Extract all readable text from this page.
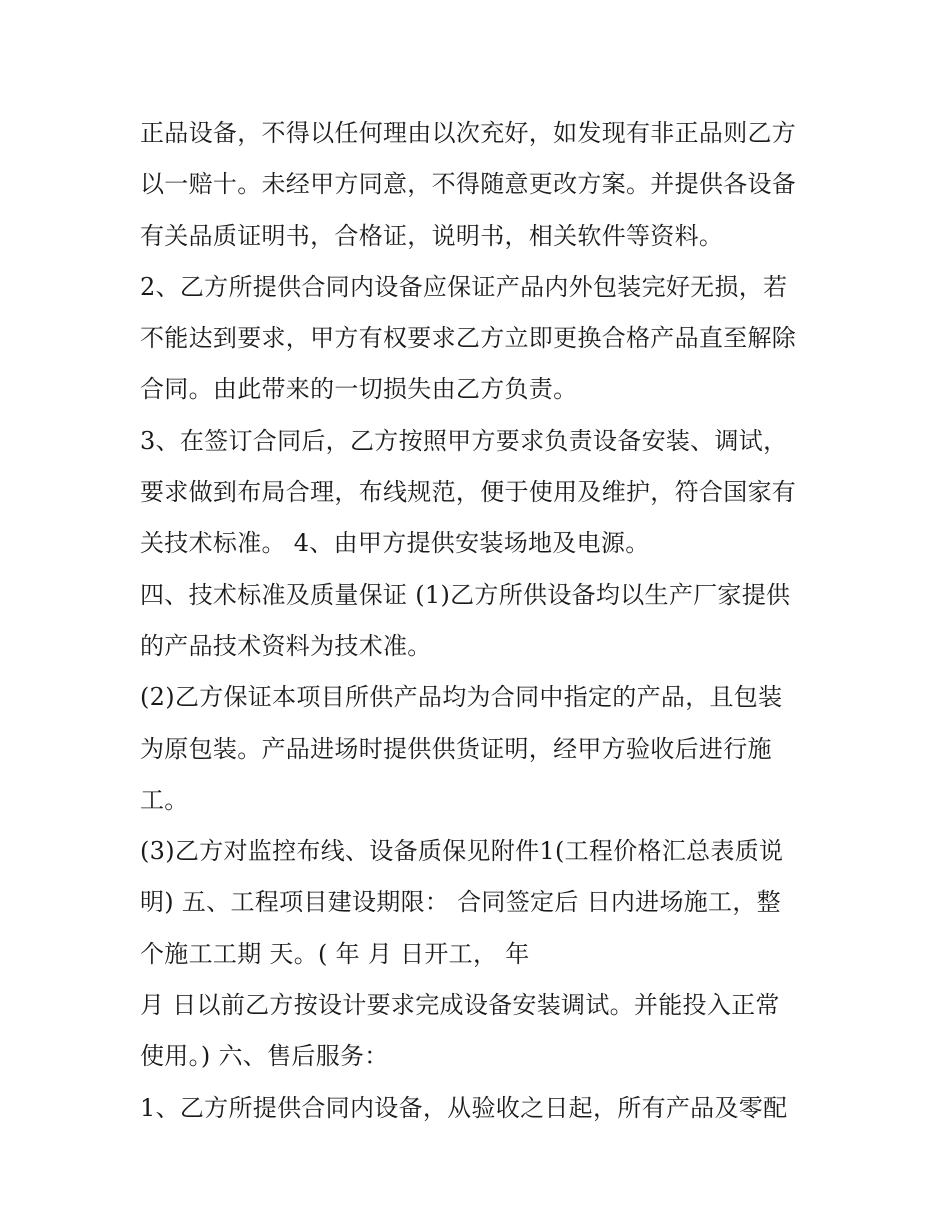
正品设备，不得以任何理由以次充好，如发现有非正品则乙方
以一赔十。未经甲方同意，不得随意更改方案。并提供各设备
有关品质证明书，合格证，说明书，相关软件等资料。
2、乙方所提供合同内设备应保证产品内外包装完好无损，若
不能达到要求，甲方有权要求乙方立即更换合格产品直至解除
合同。由此带来的一切损失由乙方负责。
3、在签订合同后，乙方按照甲方要求负责设备安装、调试，
要求做到布局合理，布线规范，便于使用及维护，符合国家有
关技术标准。 4、由甲方提供安装场地及电源。
四、技术标准及质量保证 (1)乙方所供设备均以生产厂家提供
的产品技术资料为技术准。
(2)乙方保证本项目所供产品均为合同中指定的产品，且包装
为原包装。产品进场时提供供货证明，经甲方验收后进行施
工。
(3)乙方对监控布线、设备质保见附件1(工程价格汇总表质说
明) 五、工程项目建设期限： 合同签定后 日内进场施工，整
个施工工期 天。( 年 月 日开工， 年
月 日以前乙方按设计要求完成设备安装调试。并能投入正常
使用。) 六、售后服务：
1、乙方所提供合同内设备，从验收之日起，所有产品及零配
